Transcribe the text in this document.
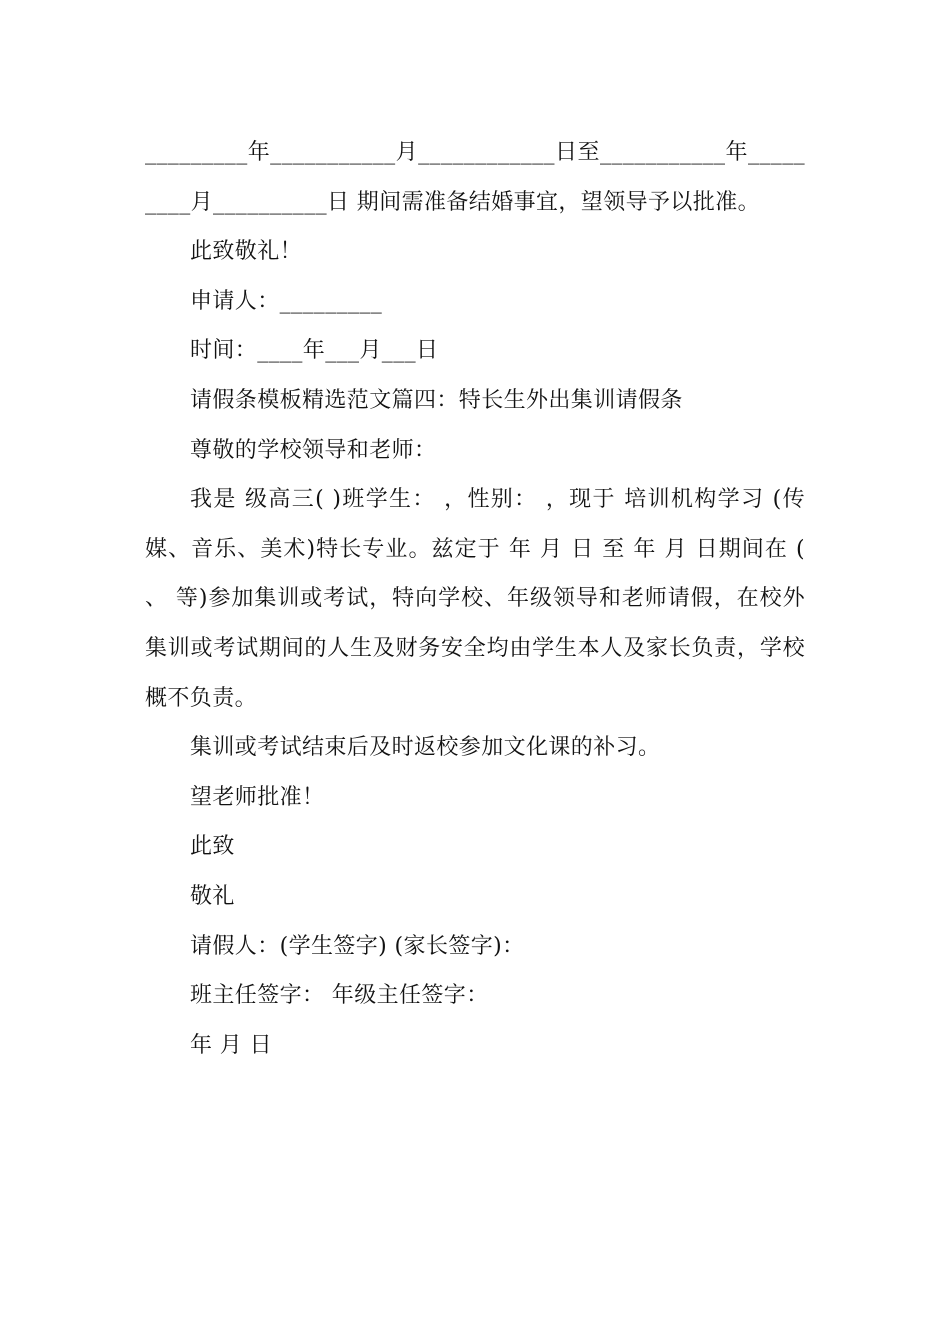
_________年___________月____________日至___________年_________月__________日 期间需准备结婚事宜，望领导予以批准。

此致敬礼！

申请人：_________

时间：____年___月___日

请假条模板精选范文篇四：特长生外出集训请假条

尊敬的学校领导和老师：

我是 级高三( )班学生： ，性别： ，现于 培训机构学习 (传媒、音乐、美术)特长专业。兹定于 年 月 日 至 年 月 日期间在 ( 、 等)参加集训或考试，特向学校、年级领导和老师请假，在校外集训或考试期间的人生及财务安全均由学生本人及家长负责，学校概不负责。

集训或考试结束后及时返校参加文化课的补习。

望老师批准！

此致

敬礼

请假人：(学生签字) (家长签字)：

班主任签字： 年级主任签字：

年 月 日
